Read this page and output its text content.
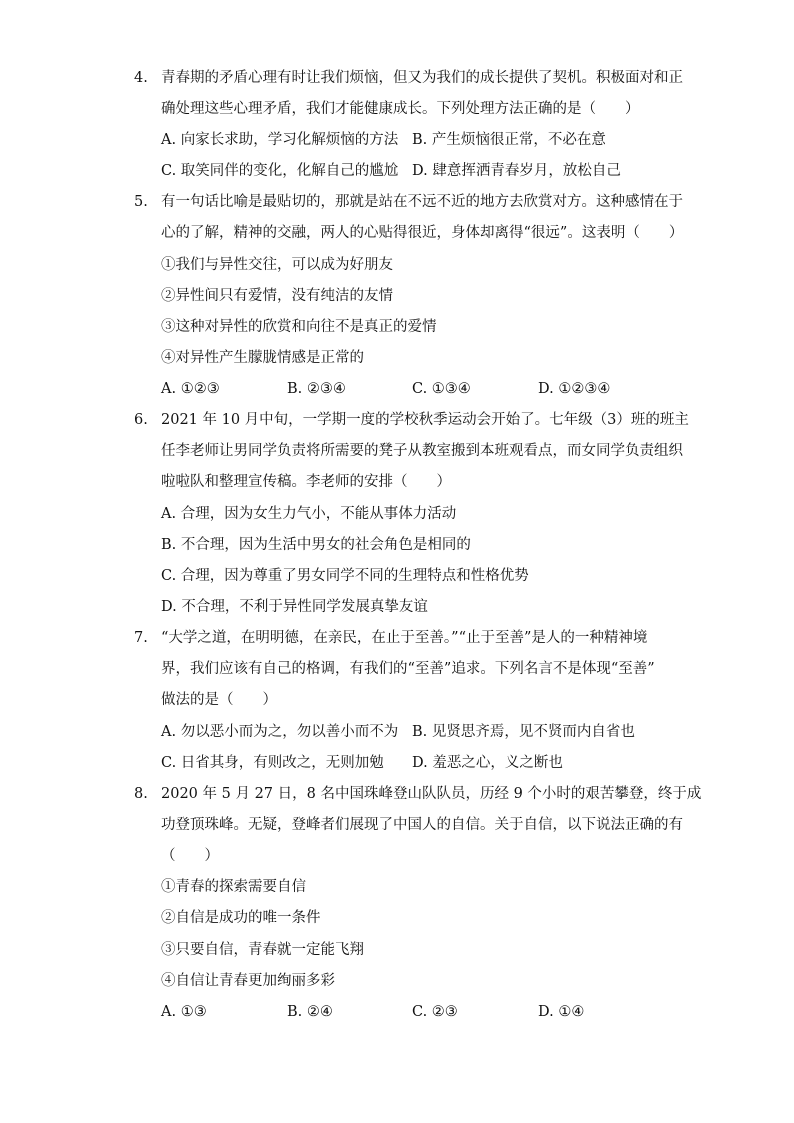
4. 青春期的矛盾心理有时让我们烦恼，但又为我们的成长提供了契机。积极面对和正
确处理这些心理矛盾，我们才能健康成长。下列处理方法正确的是（　　）
A. 向家长求助，学习化解烦恼的方法 B. 产生烦恼很正常，不必在意
C. 取笑同伴的变化，化解自己的尴尬 D. 肆意挥洒青春岁月，放松自己
5. 有一句话比喻是最贴切的，那就是站在不远不近的地方去欣赏对方。这种感情在于
心的了解，精神的交融，两人的心贴得很近，身体却离得“很远”。这表明（　　）
①我们与异性交往，可以成为好朋友
②异性间只有爱情，没有纯洁的友情
③这种对异性的欣赏和向往不是真正的爱情
④对异性产生朦胧情感是正常的
A. ①②③	B. ②③④	C. ①③④	D. ①②③④
6. 2021 年 10 月中旬，一学期一度的学校秋季运动会开始了。七年级（3）班的班主
任李老师让男同学负责将所需要的凳子从教室搬到本班观看点，而女同学负责组织
啦啦队和整理宣传稿。李老师的安排（　　）
A. 合理，因为女生力气小，不能从事体力活动
B. 不合理，因为生活中男女的社会角色是相同的
C. 合理，因为尊重了男女同学不同的生理特点和性格优势
D. 不合理，不利于异性同学发展真挚友谊
7. “大学之道，在明明德，在亲民，在止于至善。”“止于至善”是人的一种精神境
界，我们应该有自己的格调，有我们的“至善”追求。下列名言不是体现“至善”
做法的是（　　）
A. 勿以恶小而为之，勿以善小而不为 B. 见贤思齐焉，见不贤而内自省也
C. 日省其身，有则改之，无则加勉 D. 羞恶之心，义之断也
8. 2020 年 5 月 27 日，8 名中国珠峰登山队队员，历经 9 个小时的艰苦攀登，终于成
功登顶珠峰。无疑，登峰者们展现了中国人的自信。关于自信，以下说法正确的有
（　　）
①青春的探索需要自信
②自信是成功的唯一条件
③只要自信，青春就一定能飞翔
④自信让青春更加绚丽多彩
A. ①③	B. ②④	C. ②③	D. ①④
